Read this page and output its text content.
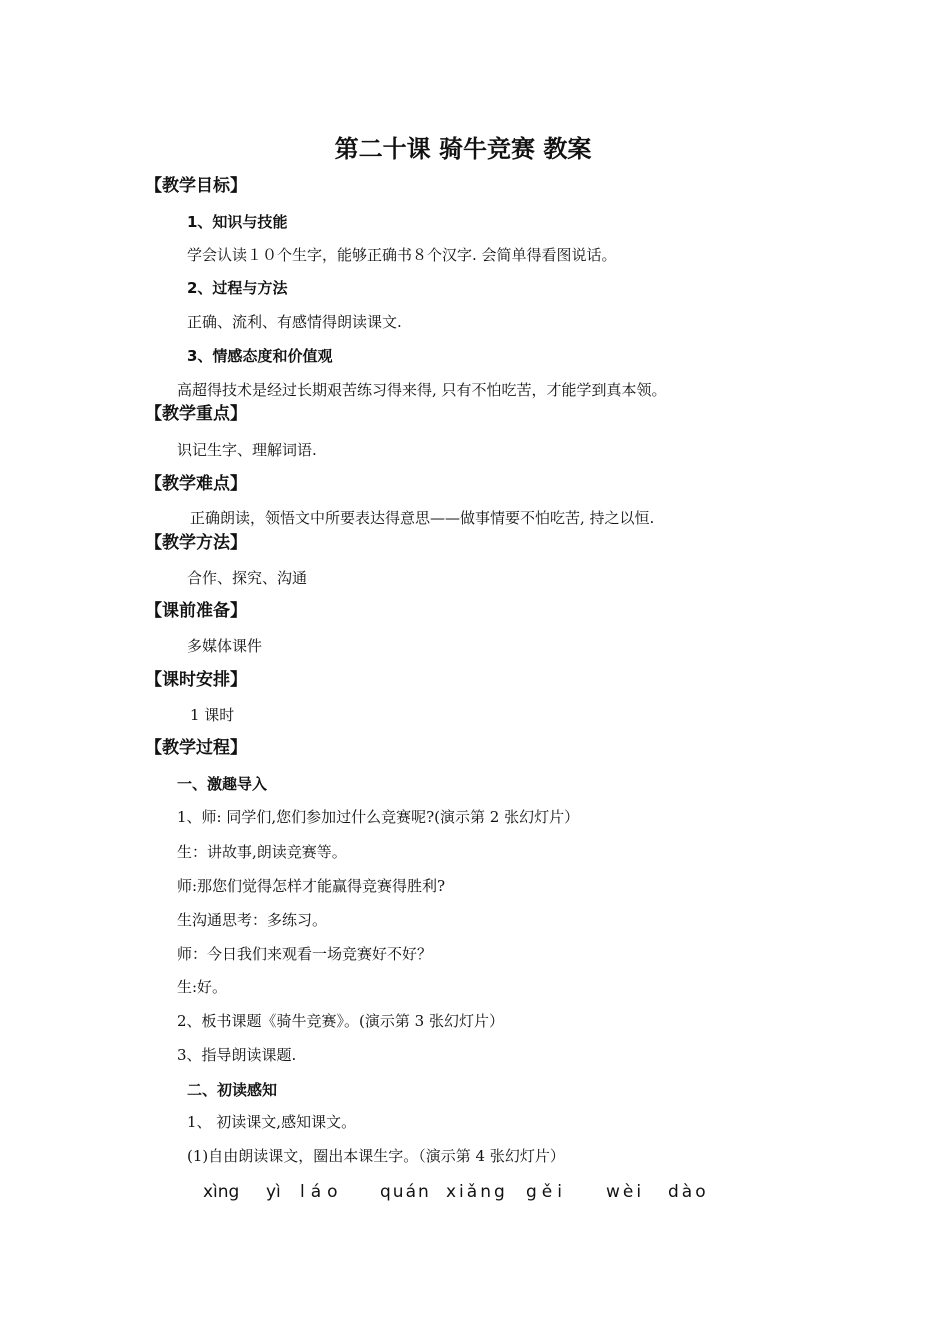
第二十课 骑牛竞赛 教案
【教学目标】
1、知识与技能
学会认读１０个生字，能够正确书８个汉字. 会简单得看图说话。
2、过程与方法
正确、流利、有感情得朗读课文.
3、情感态度和价值观
高超得技术是经过长期艰苦练习得来得, 只有不怕吃苦，才能学到真本领。
【教学重点】
识记生字、理解词语.
【教学难点】
正确朗读，领悟文中所要表达得意思——做事情要不怕吃苦, 持之以恒.
【教学方法】
合作、探究、沟通
【课前准备】
多媒体课件
【课时安排】
1 课时
【教学过程】
一、激趣导入
1、师: 同学们,您们参加过什么竞赛呢?(演示第 2 张幻灯片）
生：讲故事,朗读竞赛等。
师:那您们觉得怎样才能赢得竞赛得胜利?
生沟通思考：多练习。
师：今日我们来观看一场竞赛好不好？
生:好。
2、板书课题《骑牛竞赛》。(演示第 3 张幻灯片）
3、指导朗读课题.
二、初读感知
1、 初读课文,感知课文。
(1)自由朗读课文，圈出本课生字。（演示第 4 张幻灯片）
xìng yì láo quán xiǎng gěi wèi dào
